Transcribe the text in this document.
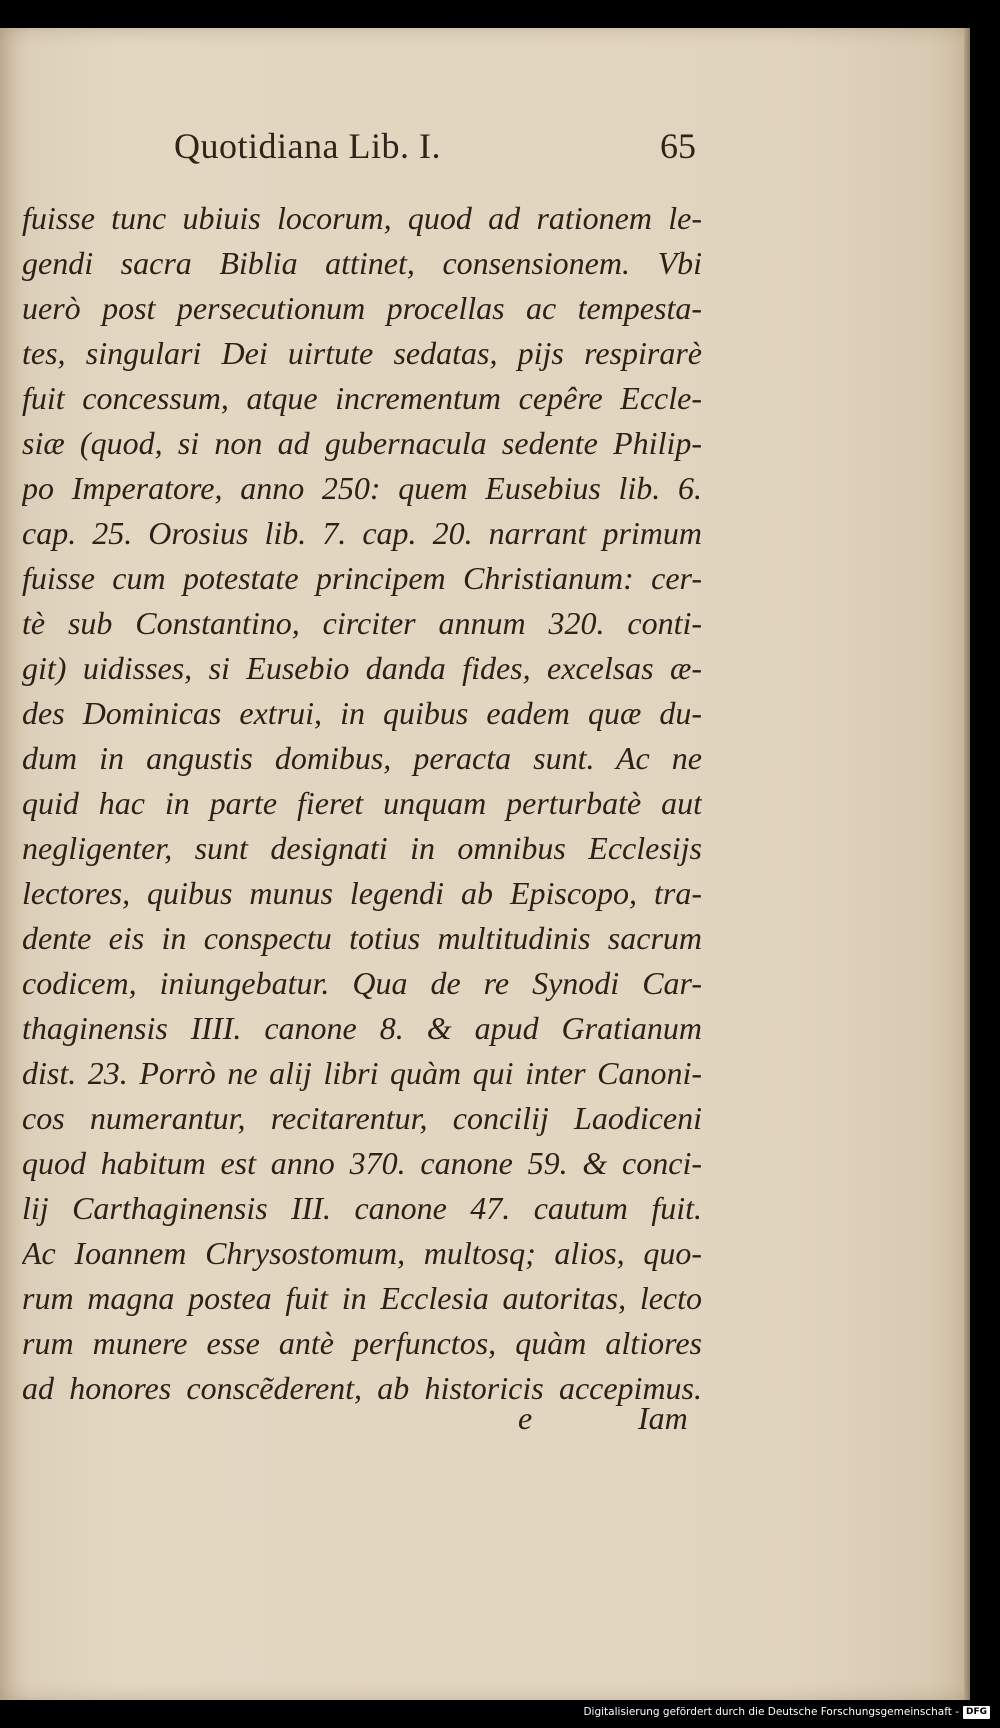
Quotidiana Lib. I.	65
fuisse tunc ubiuis locorum, quod ad rationem le-
gendi sacra Biblia attinet, consensionem. Vbi
uerò post persecutionum procellas ac tempesta-
tes, singulari Dei uirtute sedatas, pijs respirarè
fuit concessum, atque incrementum cepêre Eccle-
siæ (quod, si non ad gubernacula sedente Philip-
po Imperatore, anno 250: quem Eusebius lib. 6.
cap. 25. Orosius lib. 7. cap. 20. narrant primum
fuisse cum potestate principem Christianum: cer-
tè sub Constantino, circiter annum 320. conti-
git) uidisses, si Eusebio danda fides, excelsas æ-
des Dominicas extrui, in quibus eadem quæ du-
dum in angustis domibus, peracta sunt. Ac ne
quid hac in parte fieret unquam perturbatè aut
negligenter, sunt designati in omnibus Ecclesijs
lectores, quibus munus legendi ab Episcopo, tra-
dente eis in conspectu totius multitudinis sacrum
codicem, iniungebatur. Qua de re Synodi Car-
thaginensis IIII. canone 8. & apud Gratianum
dist. 23. Porrò ne alij libri quàm qui inter Canoni-
cos numerantur, recitarentur, concilij Laodiceni
quod habitum est anno 370. canone 59. & conci-
lij Carthaginensis III. canone 47. cautum fuit.
Ac Ioannem Chrysostomum, multosq; alios, quo-
rum magna postea fuit in Ecclesia autoritas, lecto
rum munere esse antè perfunctos, quàm altiores
ad honores conscẽderent, ab historicis accepimus.
e	Iam
Digitalisierung gefördert durch die Deutsche Forschungsgemeinschaft - DFG
